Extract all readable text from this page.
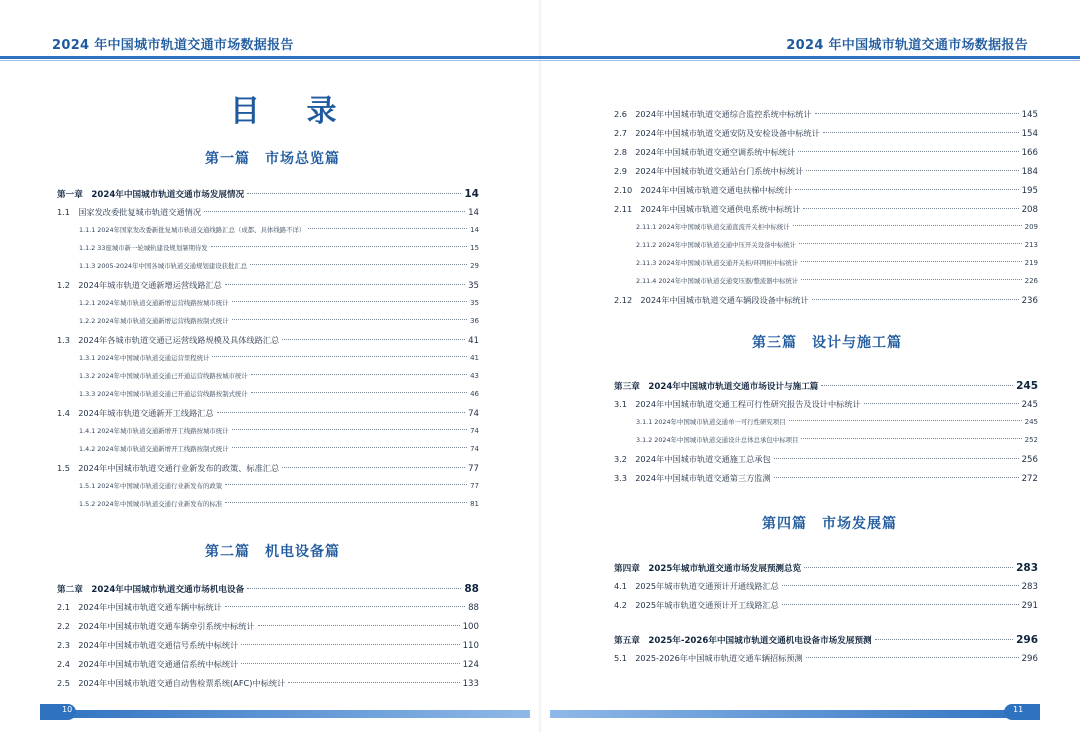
2024 年中国城市轨道交通市场数据报告
目 录
第一篇　市场总览篇
第一章　2024年中国城市轨道交通市场发展情况	14
1.1　国家发改委批复城市轨道交通情况	14
1.1.1 2024年国家发改委新批复城市轨道交通线路汇总（成都、具体线路不详）	14
1.1.2 33座城市新一轮城轨建设规划暑期待发	15
1.1.3 2005-2024年中国各城市轨道交通规划建设获批汇总	29
1.2　2024年城市轨道交通新增运营线路汇总	35
1.2.1 2024年城市轨道交通新增运营线路按城市统计	35
1.2.2 2024年城市轨道交通新增运营线路按制式统计	36
1.3　2024年各城市轨道交通已运营线路规模及具体线路汇总	41
1.3.1 2024年中国城市轨道交通运营里程统计	41
1.3.2 2024年中国城市轨道交通已开通运营线路按城市统计	43
1.3.3 2024年中国城市轨道交通已开通运营线路按制式统计	46
1.4　2024年城市轨道交通新开工线路汇总	74
1.4.1 2024年城市轨道交通新增开工线路按城市统计	74
1.4.2 2024年城市轨道交通新增开工线路按制式统计	74
1.5　2024年中国城市轨道交通行业新发布的政策、标准汇总	77
1.5.1 2024年中国城市轨道交通行业新发布的政策	77
1.5.2 2024年中国城市轨道交通行业新发布的标准	81
第二篇　机电设备篇
第二章　2024年中国城市轨道交通市场机电设备	88
2.1　2024年中国城市轨道交通车辆中标统计	88
2.2　2024年中国城市轨道交通车辆牵引系统中标统计	100
2.3　2024年中国城市轨道交通信号系统中标统计	110
2.4　2024年中国城市轨道交通通信系统中标统计	124
2.5　2024年中国城市轨道交通自动售检票系统(AFC)中标统计	133
10
2024 年中国城市轨道交通市场数据报告
2.6　2024年中国城市轨道交通综合监控系统中标统计	145
2.7　2024年中国城市轨道交通安防及安检设备中标统计	154
2.8　2024年中国城市轨道交通空调系统中标统计	166
2.9　2024年中国城市轨道交通站台门系统中标统计	184
2.10　2024年中国城市轨道交通电扶梯中标统计	195
2.11　2024年中国城市轨道交通供电系统中标统计	208
2.11.1 2024年中国城市轨道交通直流开关柜中标统计	209
2.11.2 2024年中国城市轨道交通中压开关设备中标统计	213
2.11.3 2024年中国城市轨道交通开关柜/环网柜中标统计	219
2.11.4 2024年中国城市轨道交通变压器/整流器中标统计	226
2.12　2024年中国城市轨道交通车辆段设备中标统计	236
第三篇　设计与施工篇
第三章　2024年中国城市轨道交通市场设计与施工篇	245
3.1　2024年中国城市轨道交通工程可行性研究报告及设计中标统计	245
3.1.1 2024年中国城市轨道交通单一可行性研究项目	245
3.1.2 2024年中国城市轨道交通设计总体总承包中标项目	252
3.2　2024年中国城市轨道交通施工总承包	256
3.3　2024年中国城市轨道交通第三方监测	272
第四篇　市场发展篇
第四章　2025年城市轨道交通市场发展预测总览	283
4.1　2025年城市轨道交通预计开通线路汇总	283
4.2　2025年城市轨道交通预计开工线路汇总	291
第五章　2025年-2026年中国城市轨道交通机电设备市场发展预测	296
5.1　2025-2026年中国城市轨道交通车辆招标预测	296
11
